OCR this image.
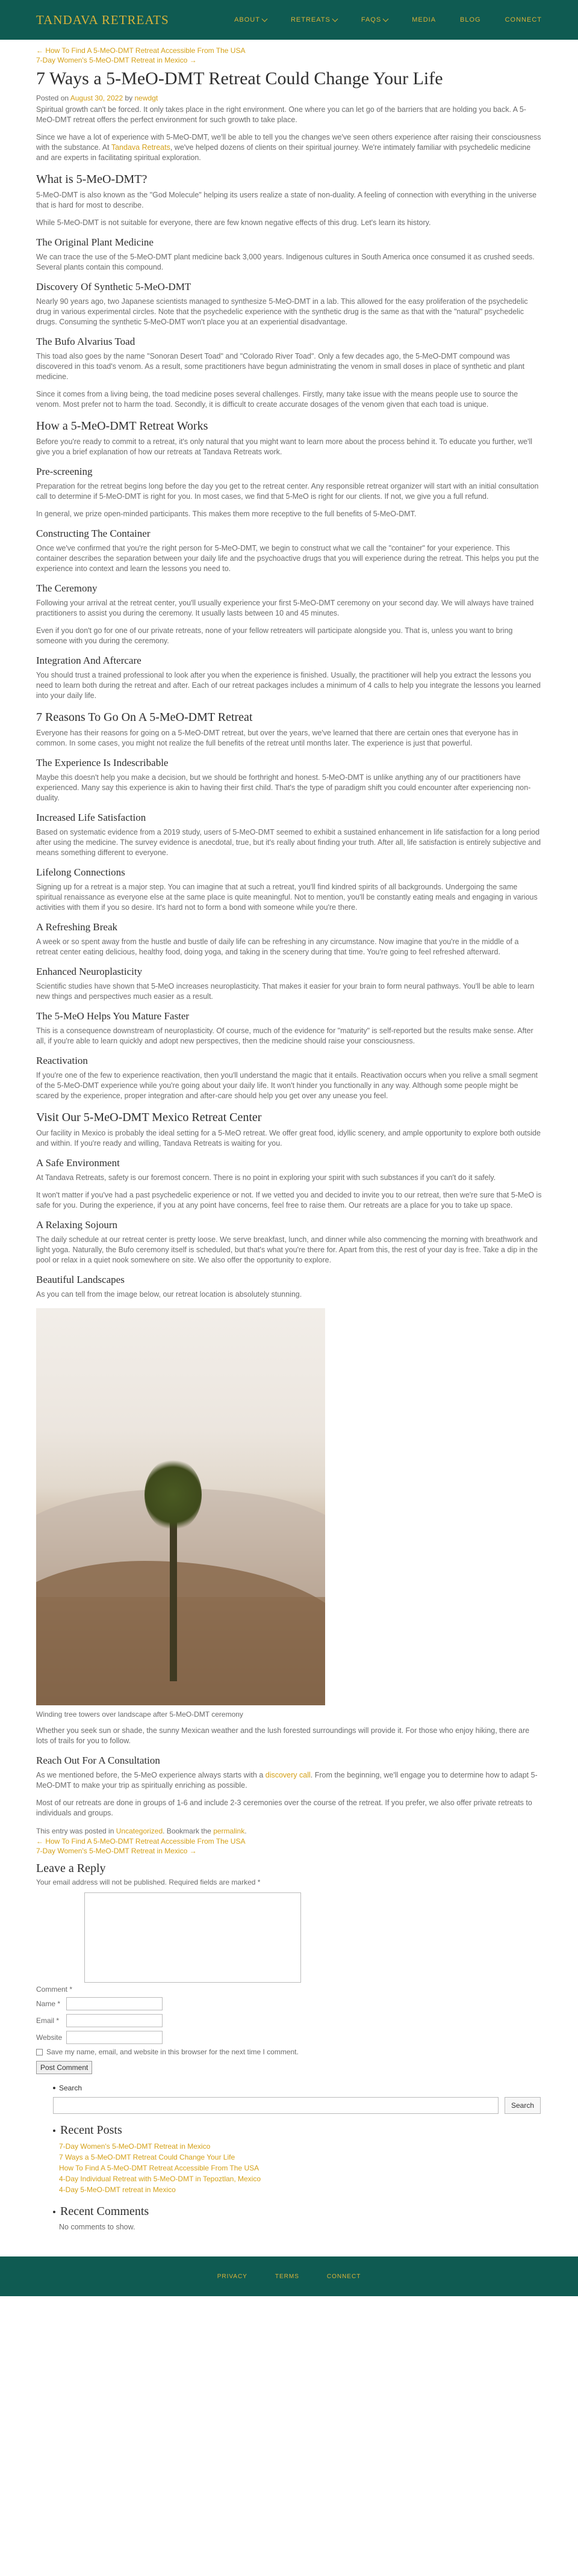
TANDAVA RETREATS	ABOUT	RETREATS	FAQS	MEDIA	BLOG	CONNECT
← How To Find A 5-MeO-DMT Retreat Accessible From The USA
7-Day Women's 5-MeO-DMT Retreat in Mexico →
7 Ways a 5-MeO-DMT Retreat Could Change Your Life
Posted on August 30, 2022 by newdgt

Spiritual growth can't be forced. It only takes place in the right environment. One where you can let go of the barriers that are holding you back. A 5-MeO-DMT retreat offers the perfect environment for such growth to take place.

Since we have a lot of experience with 5-MeO-DMT, we'll be able to tell you the changes we've seen others experience after raising their consciousness with the substance. At Tandava Retreats, we've helped dozens of clients on their spiritual journey. We're intimately familiar with psychedelic medicine and are experts in facilitating spiritual exploration.

What is 5-MeO-DMT?

5-MeO-DMT is also known as the "God Molecule" helping its users realize a state of non-duality. A feeling of connection with everything in the universe that is hard for most to describe.

While 5-MeO-DMT is not suitable for everyone, there are few known negative effects of this drug. Let's learn its history.

The Original Plant Medicine

We can trace the use of the 5-MeO-DMT plant medicine back 3,000 years. Indigenous cultures in South America once consumed it as crushed seeds. Several plants contain this compound.

Discovery Of Synthetic 5-MeO-DMT

Nearly 90 years ago, two Japanese scientists managed to synthesize 5-MeO-DMT in a lab. This allowed for the easy proliferation of the psychedelic drug in various experimental circles. Note that the psychedelic experience with the synthetic drug is the same as that with the "natural" psychedelic drugs. Consuming the synthetic 5-MeO-DMT won't place you at an experiential disadvantage.

The Bufo Alvarius Toad

This toad also goes by the name "Sonoran Desert Toad" and "Colorado River Toad". Only a few decades ago, the 5-MeO-DMT compound was discovered in this toad's venom. As a result, some practitioners have begun administrating the venom in small doses in place of synthetic and plant medicine.

Since it comes from a living being, the toad medicine poses several challenges. Firstly, many take issue with the means people use to source the venom. Most prefer not to harm the toad. Secondly, it is difficult to create accurate dosages of the venom given that each toad is unique.

How a 5-MeO-DMT Retreat Works

Before you're ready to commit to a retreat, it's only natural that you might want to learn more about the process behind it. To educate you further, we'll give you a brief explanation of how our retreats at Tandava Retreats work.

Pre-screening

Preparation for the retreat begins long before the day you get to the retreat center. Any responsible retreat organizer will start with an initial consultation call to determine if 5-MeO-DMT is right for you. In most cases, we find that 5-MeO is right for our clients. If not, we give you a full refund.

In general, we prize open-minded participants. This makes them more receptive to the full benefits of 5-MeO-DMT.

Constructing The Container

Once we've confirmed that you're the right person for 5-MeO-DMT, we begin to construct what we call the "container" for your experience. This container describes the separation between your daily life and the psychoactive drugs that you will experience during the retreat. This helps you put the experience into context and learn the lessons you need to.

The Ceremony

Following your arrival at the retreat center, you'll usually experience your first 5-MeO-DMT ceremony on your second day. We will always have trained practitioners to assist you during the ceremony. It usually lasts between 10 and 45 minutes.

Even if you don't go for one of our private retreats, none of your fellow retreaters will participate alongside you. That is, unless you want to bring someone with you during the ceremony.

Integration And Aftercare

You should trust a trained professional to look after you when the experience is finished. Usually, the practitioner will help you extract the lessons you need to learn both during the retreat and after. Each of our retreat packages includes a minimum of 4 calls to help you integrate the lessons you learned into your daily life.

7 Reasons To Go On A 5-MeO-DMT Retreat

Everyone has their reasons for going on a 5-MeO-DMT retreat, but over the years, we've learned that there are certain ones that everyone has in common. In some cases, you might not realize the full benefits of the retreat until months later. The experience is just that powerful.

The Experience Is Indescribable

Maybe this doesn't help you make a decision, but we should be forthright and honest. 5-MeO-DMT is unlike anything any of our practitioners have experienced. Many say this experience is akin to having their first child. That's the type of paradigm shift you could encounter after experiencing non-duality.

Increased Life Satisfaction

Based on systematic evidence from a 2019 study, users of 5-MeO-DMT seemed to exhibit a sustained enhancement in life satisfaction for a long period after using the medicine. The survey evidence is anecdotal, true, but it's really about finding your truth. After all, life satisfaction is entirely subjective and means something different to everyone.

Lifelong Connections

Signing up for a retreat is a major step. You can imagine that at such a retreat, you'll find kindred spirits of all backgrounds. Undergoing the same spiritual renaissance as everyone else at the same place is quite meaningful. Not to mention, you'll be constantly eating meals and engaging in various activities with them if you so desire. It's hard not to form a bond with someone while you're there.

A Refreshing Break

A week or so spent away from the hustle and bustle of daily life can be refreshing in any circumstance. Now imagine that you're in the middle of a retreat center eating delicious, healthy food, doing yoga, and taking in the scenery during that time. You're going to feel refreshed afterward.

Enhanced Neuroplasticity

Scientific studies have shown that 5-MeO increases neuroplasticity. That makes it easier for your brain to form neural pathways. You'll be able to learn new things and perspectives much easier as a result.

The 5-MeO Helps You Mature Faster

This is a consequence downstream of neuroplasticity. Of course, much of the evidence for "maturity" is self-reported but the results make sense. After all, if you're able to learn quickly and adopt new perspectives, then the medicine should raise your consciousness.

Reactivation

If you're one of the few to experience reactivation, then you'll understand the magic that it entails. Reactivation occurs when you relive a small segment of the 5-MeO-DMT experience while you're going about your daily life. It won't hinder you functionally in any way. Although some people might be scared by the experience, proper integration and after-care should help you get over any unease you feel.

Visit Our 5-MeO-DMT Mexico Retreat Center

Our facility in Mexico is probably the ideal setting for a 5-MeO retreat. We offer great food, idyllic scenery, and ample opportunity to explore both outside and within. If you're ready and willing, Tandava Retreats is waiting for you.

A Safe Environment

At Tandava Retreats, safety is our foremost concern. There is no point in exploring your spirit with such substances if you can't do it safely.

It won't matter if you've had a past psychedelic experience or not. If we vetted you and decided to invite you to our retreat, then we're sure that 5-MeO is safe for you. During the experience, if you at any point have concerns, feel free to raise them. Our retreats are a place for you to take up space.

A Relaxing Sojourn

The daily schedule at our retreat center is pretty loose. We serve breakfast, lunch, and dinner while also commencing the morning with breathwork and light yoga. Naturally, the Bufo ceremony itself is scheduled, but that's what you're there for. Apart from this, the rest of your day is free. Take a dip in the pool or relax in a quiet nook somewhere on site. We also offer the opportunity to explore.

Beautiful Landscapes

As you can tell from the image below, our retreat location is absolutely stunning.

Winding tree towers over landscape after 5-MeO-DMT ceremony

Whether you seek sun or shade, the sunny Mexican weather and the lush forested surroundings will provide it. For those who enjoy hiking, there are lots of trails for you to follow.

Reach Out For A Consultation

As we mentioned before, the 5-MeO experience always starts with a discovery call. From the beginning, we'll engage you to determine how to adapt 5-MeO-DMT to make your trip as spiritually enriching as possible.

Most of our retreats are done in groups of 1-6 and include 2-3 ceremonies over the course of the retreat. If you prefer, we also offer private retreats to individuals and groups.

This entry was posted in Uncategorized. Bookmark the permalink.
← How To Find A 5-MeO-DMT Retreat Accessible From The USA
7-Day Women's 5-MeO-DMT Retreat in Mexico →
Leave a Reply
Your email address will not be published. Required fields are marked *
Comment *
Name *
Email *
Website
Save my name, email, and website in this browser for the next time I comment.
Post Comment
Search
Search
Recent Posts
7-Day Women's 5-MeO-DMT Retreat in Mexico
7 Ways a 5-MeO-DMT Retreat Could Change Your Life
How To Find A 5-MeO-DMT Retreat Accessible From The USA
4-Day Individual Retreat with 5-MeO-DMT in Tepoztlan, Mexico
4-Day 5-MeO-DMT retreat in Mexico
Recent Comments

No comments to show.

PRIVACY	TERMS	CONNECT
